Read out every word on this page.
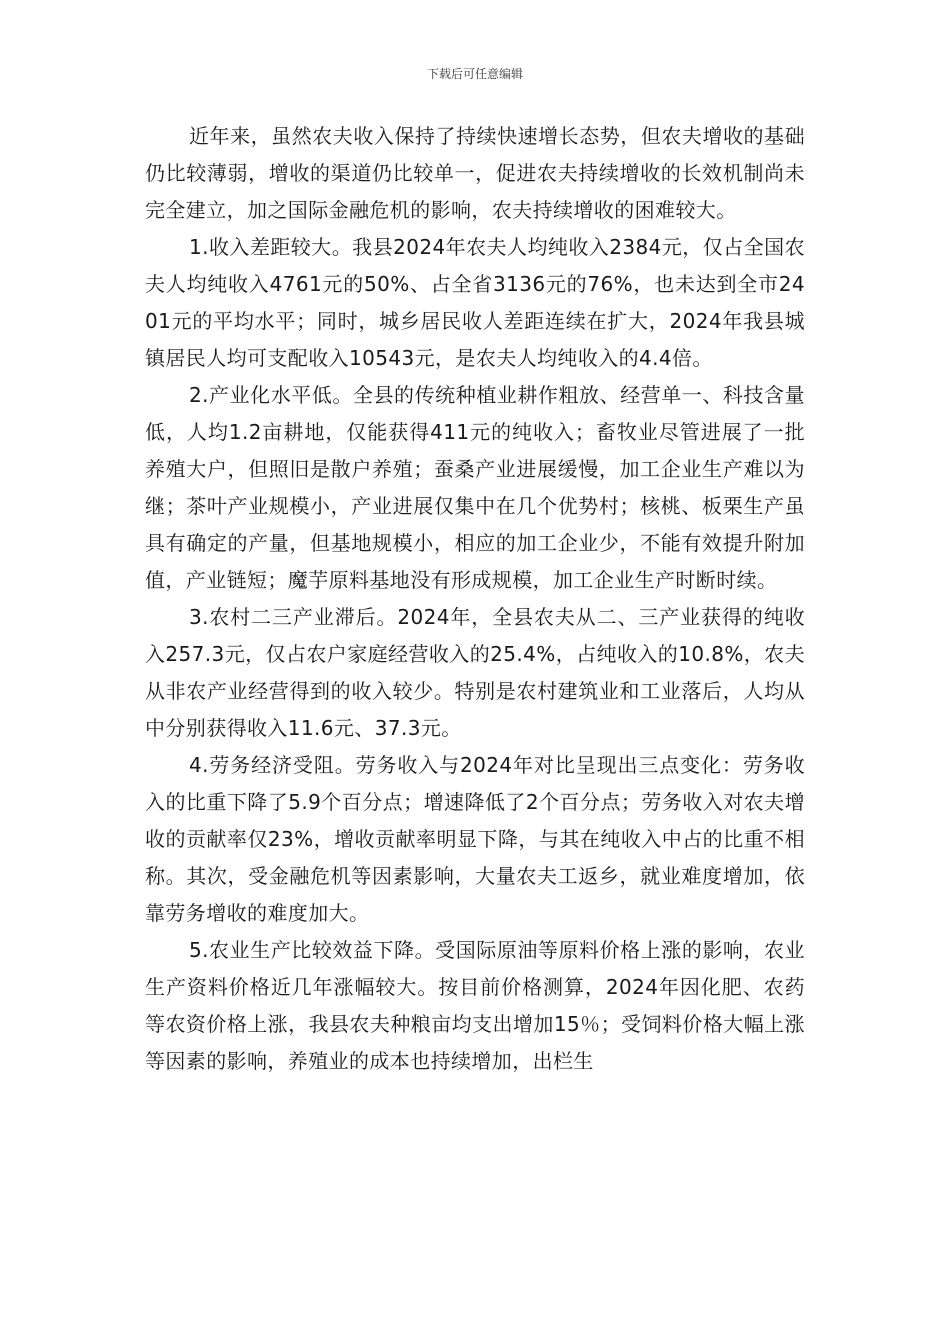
下载后可任意编辑

近年来，虽然农夫收入保持了持续快速增长态势，但农夫增收的基础仍比较薄弱，增收的渠道仍比较单一，促进农夫持续增收的长效机制尚未完全建立，加之国际金融危机的影响，农夫持续增收的困难较大。

1.收入差距较大。我县2024年农夫人均纯收入2384元，仅占全国农夫人均纯收入4761元的50%、占全省3136元的76%，也未达到全市2401元的平均水平；同时，城乡居民收人差距连续在扩大，2024年我县城镇居民人均可支配收入10543元，是农夫人均纯收入的4.4倍。

2.产业化水平低。全县的传统种植业耕作粗放、经营单一、科技含量低，人均1.2亩耕地，仅能获得411元的纯收入；畜牧业尽管进展了一批养殖大户，但照旧是散户养殖；蚕桑产业进展缓慢，加工企业生产难以为继；茶叶产业规模小，产业进展仅集中在几个优势村；核桃、板栗生产虽具有确定的产量，但基地规模小，相应的加工企业少，不能有效提升附加值，产业链短；魔芋原料基地没有形成规模，加工企业生产时断时续。

3.农村二三产业滞后。2024年，全县农夫从二、三产业获得的纯收入257.3元，仅占农户家庭经营收入的25.4%，占纯收入的10.8%，农夫从非农产业经营得到的收入较少。特别是农村建筑业和工业落后，人均从中分别获得收入11.6元、37.3元。

4.劳务经济受阻。劳务收入与2024年对比呈现出三点变化：劳务收入的比重下降了5.9个百分点；增速降低了2个百分点；劳务收入对农夫增收的贡献率仅23%，增收贡献率明显下降，与其在纯收入中占的比重不相称。其次，受金融危机等因素影响，大量农夫工返乡，就业难度增加，依靠劳务增收的难度加大。

5.农业生产比较效益下降。受国际原油等原料价格上涨的影响，农业生产资料价格近几年涨幅较大。按目前价格测算，2024年因化肥、农药等农资价格上涨，我县农夫种粮亩均支出增加15％；受饲料价格大幅上涨等因素的影响，养殖业的成本也持续增加，出栏生
